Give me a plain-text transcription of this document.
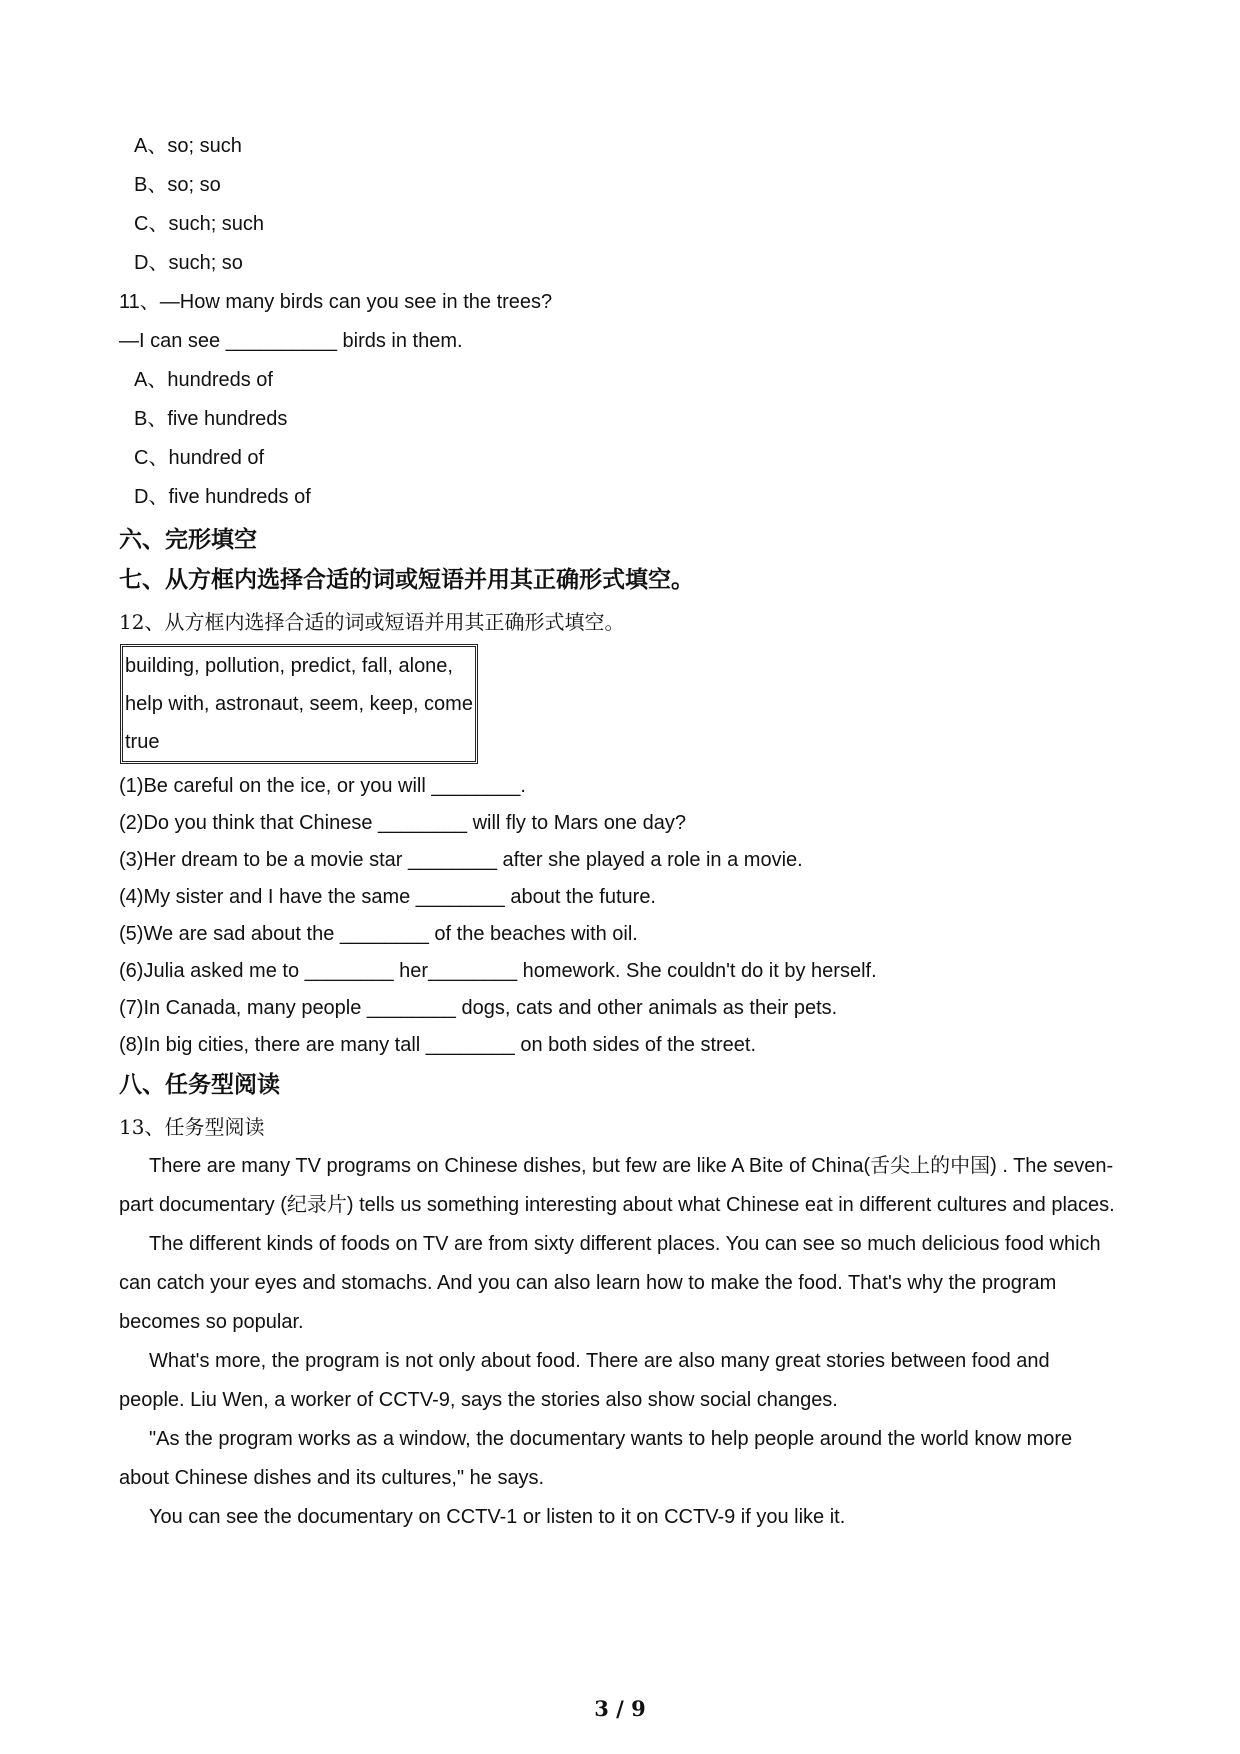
A、so; such
B、so; so
C、such; such
D、such; so
11、—How many birds can you see in the trees?
—I can see __________ birds in them.
A、hundreds of
B、five hundreds
C、hundred of
D、five hundreds of
六、完形填空
七、从方框内选择合适的词或短语并用其正确形式填空。
12、从方框内选择合适的词或短语并用其正确形式填空。
building, pollution, predict, fall, alone,
help with, astronaut, seem, keep, come
true
(1)Be careful on the ice, or you will ________.
(2)Do you think that Chinese ________ will fly to Mars one day?
(3)Her dream to be a movie star ________ after she played a role in a movie.
(4)My sister and I have the same ________ about the future.
(5)We are sad about the ________ of the beaches with oil.
(6)Julia asked me to ________ her________ homework. She couldn't do it by herself.
(7)In Canada, many people ________ dogs, cats and other animals as their pets.
(8)In big cities, there are many tall ________ on both sides of the street.
八、任务型阅读
13、任务型阅读
There are many TV programs on Chinese dishes, but few are like A Bite of China(舌尖上的中国) . The seven-part documentary (纪录片) tells us something interesting about what Chinese eat in different cultures and places.
The different kinds of foods on TV are from sixty different places. You can see so much delicious food which can catch your eyes and stomachs. And you can also learn how to make the food. That's why the program becomes so popular.
What's more, the program is not only about food. There are also many great stories between food and people. Liu Wen, a worker of CCTV-9, says the stories also show social changes.
"As the program works as a window, the documentary wants to help people around the world know more about Chinese dishes and its cultures," he says.
You can see the documentary on CCTV-1 or listen to it on CCTV-9 if you like it.
3 / 9
